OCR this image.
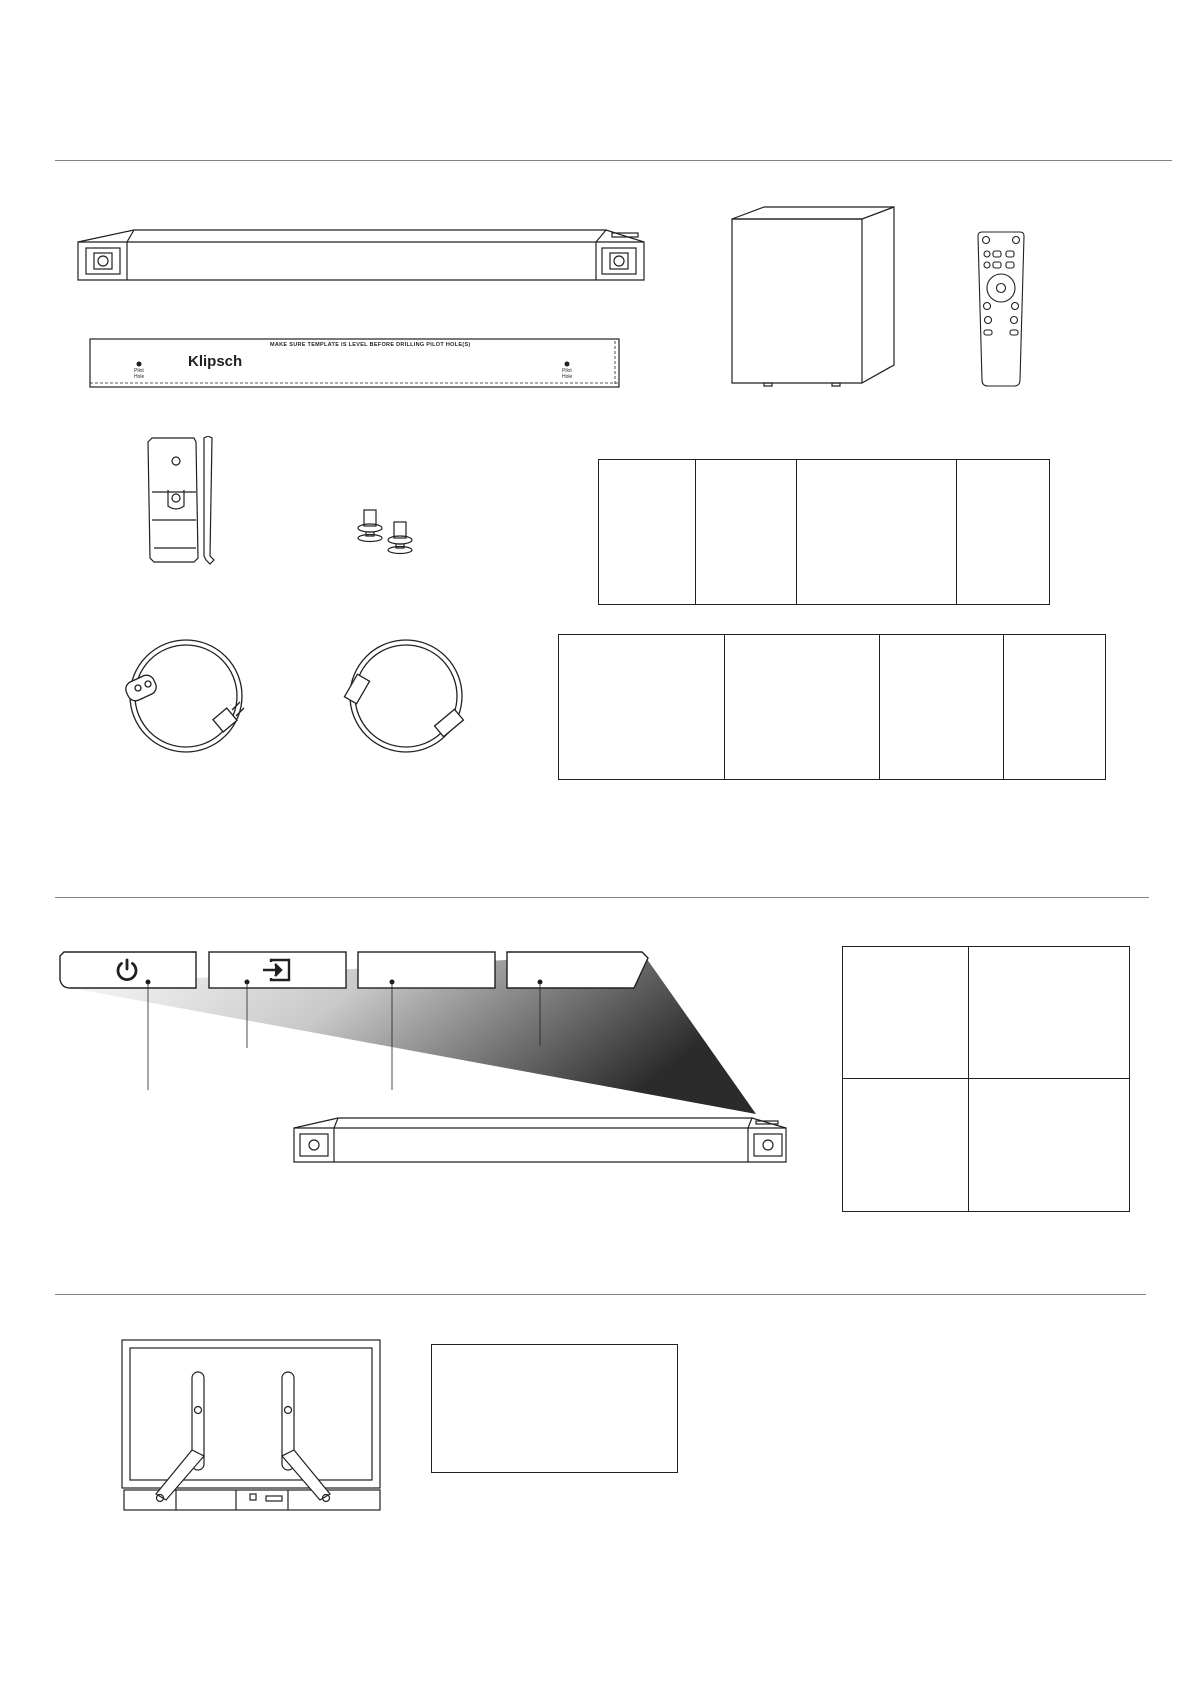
MAKE SURE TEMPLATE IS LEVEL BEFORE DRILLING PILOT HOLE(S)
Klipsch
Pilot
Hole
Pilot
Hole
